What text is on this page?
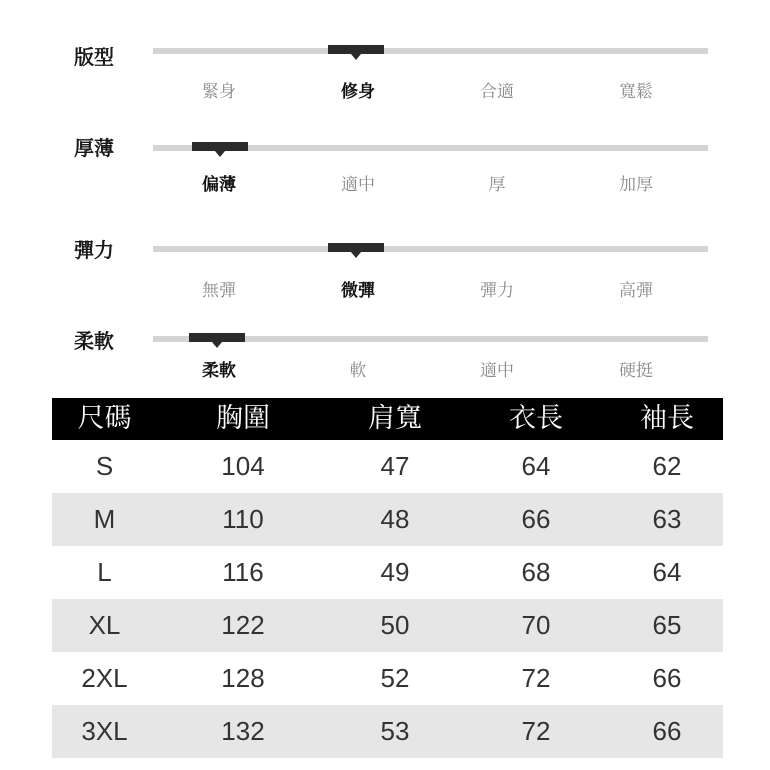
版型
緊身	修身	合適	寬鬆
厚薄
偏薄	適中	厚	加厚
彈力
無彈	微彈	彈力	高彈
柔軟
柔軟	軟	適中	硬挺
尺碼	胸圍	肩寬	衣長	袖長
S	104	47	64	62
M	110	48	66	63
L	116	49	68	64
XL	122	50	70	65
2XL	128	52	72	66
3XL	132	53	72	66
